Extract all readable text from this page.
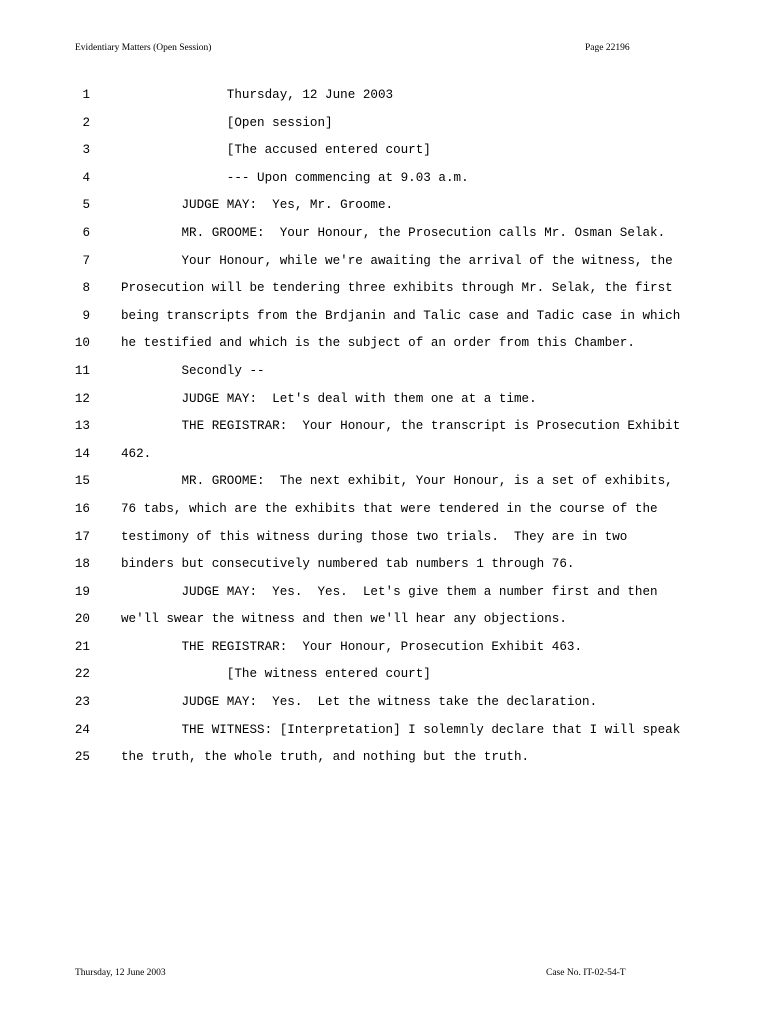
Evidentiary Matters (Open Session)	Page 22196
1 Thursday, 12 June 2003
2 [Open session]
3 [The accused entered court]
4 --- Upon commencing at 9.03 a.m.
5 JUDGE MAY:  Yes, Mr. Groome.
6 MR. GROOME:  Your Honour, the Prosecution calls Mr. Osman Selak.
7 Your Honour, while we're awaiting the arrival of the witness, the
8 Prosecution will be tendering three exhibits through Mr. Selak, the first
9 being transcripts from the Brdjanin and Talic case and Tadic case in which
10 he testified and which is the subject of an order from this Chamber.
11 Secondly --
12 JUDGE MAY:  Let's deal with them one at a time.
13 THE REGISTRAR:  Your Honour, the transcript is Prosecution Exhibit
14 462.
15 MR. GROOME:  The next exhibit, Your Honour, is a set of exhibits,
16 76 tabs, which are the exhibits that were tendered in the course of the
17 testimony of this witness during those two trials.  They are in two
18 binders but consecutively numbered tab numbers 1 through 76.
19 JUDGE MAY:  Yes.  Yes.  Let's give them a number first and then
20 we'll swear the witness and then we'll hear any objections.
21 THE REGISTRAR:  Your Honour, Prosecution Exhibit 463.
22 [The witness entered court]
23 JUDGE MAY:  Yes.  Let the witness take the declaration.
24 THE WITNESS: [Interpretation] I solemnly declare that I will speak
25 the truth, the whole truth, and nothing but the truth.
Thursday, 12 June 2003	Case No. IT-02-54-T
